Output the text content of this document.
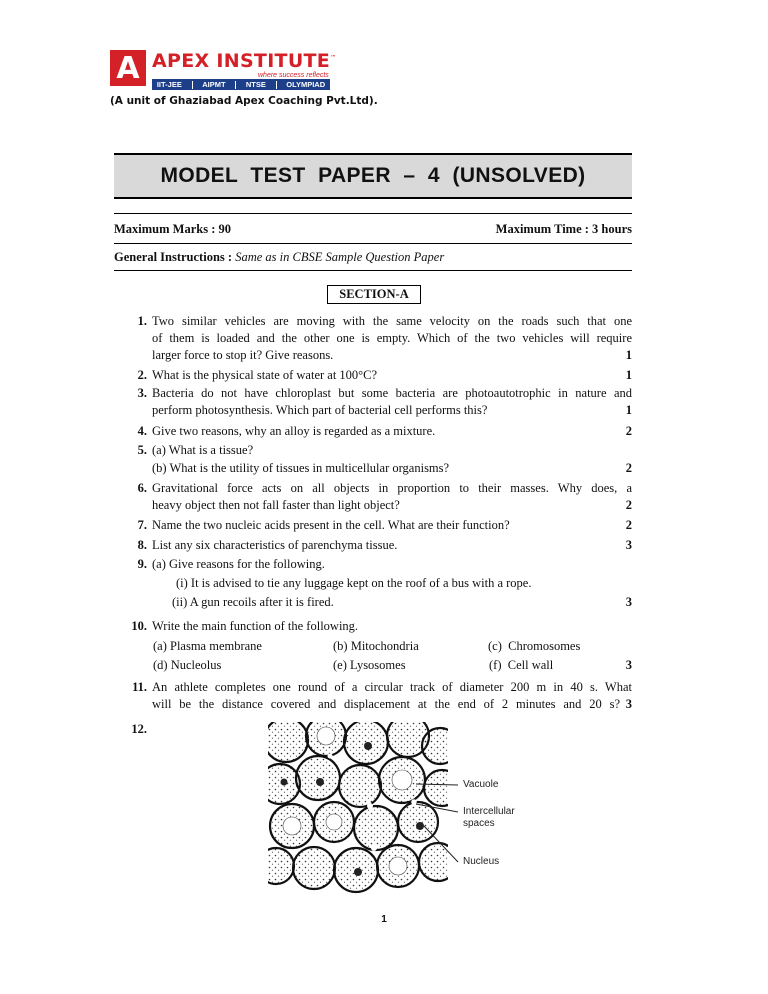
A APEX INSTITUTE™
where success reflects
IIT-JEE	AIPMT	NTSE	OLYMPIAD
(A unit of Ghaziabad Apex Coaching Pvt.Ltd).
MODEL  TEST  PAPER  –  4  (UNSOLVED)
Maximum Marks : 90	Maximum Time : 3 hours
General Instructions : Same as in CBSE Sample Question Paper
SECTION-A
1. Two similar vehicles are moving with the same velocity on the roads such that one
of them is loaded and the other one is empty. Which of the two vehicles will require
larger force to stop it? Give reasons.	1
2. What is the physical state of water at 100°C?	1
3. Bacteria do not have chloroplast but some bacteria are photoautotrophic in nature and
perform photosynthesis. Which part of bacterial cell performs this?	1
4. Give two reasons, why an alloy is regarded as a mixture.	2
5. (a) What is a tissue?
(b) What is the utility of tissues in multicellular organisms?	2
6. Gravitational force acts on all objects in proportion to their masses. Why does, a
heavy object then not fall faster than light object?	2
7. Name the two nucleic acids present in the cell. What are their function?	2
8. List any six characteristics of parenchyma tissue.	3
9. (a) Give reasons for the following.
(i) It is advised to tie any luggage kept on the roof of a bus with a rope.
(ii) A gun recoils after it is fired.	3
10. Write the main function of the following.
(a) Plasma membrane	(b) Mitochondria	(c)  Chromosomes
(d) Nucleolus	(e) Lysosomes	(f)  Cell wall	3
11. An athlete completes one round of a circular track of diameter 200 m in 40 s. What
will be the distance covered and displacement at the end of 2 minutes and 20 s? 3
12.
Vacuole
Intercellular
spaces
Nucleus
1
